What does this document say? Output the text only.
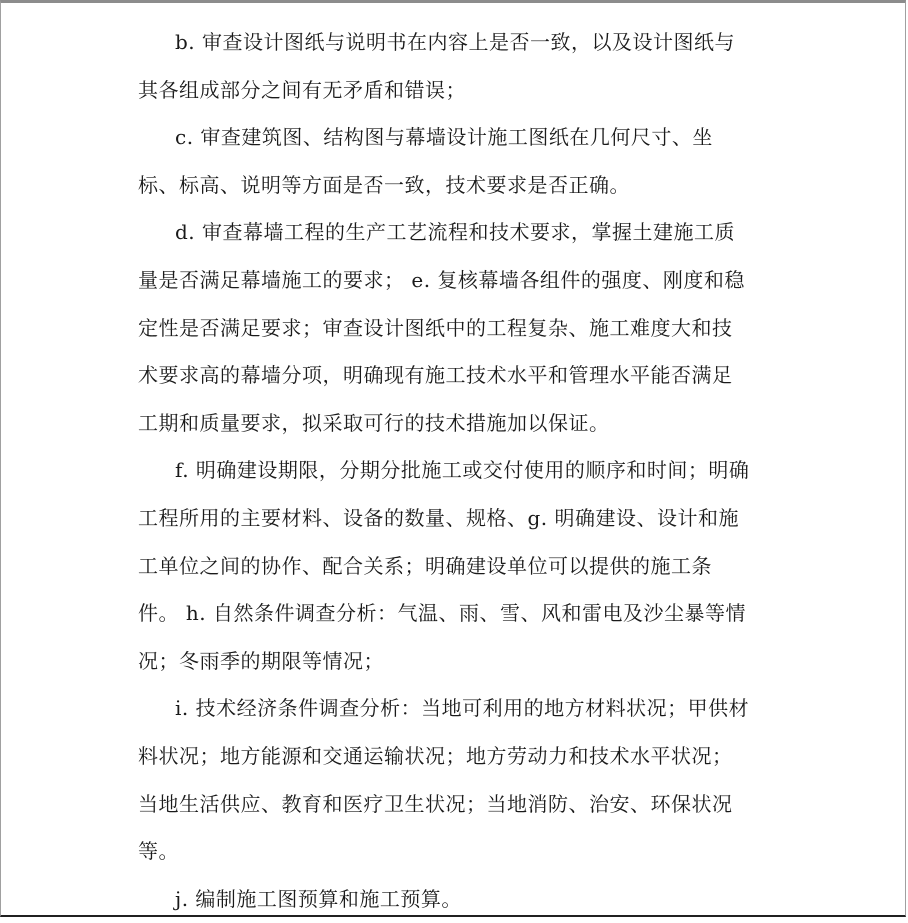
b. 审查设计图纸与说明书在内容上是否一致，以及设计图纸与
其各组成部分之间有无矛盾和错误；
c. 审查建筑图、结构图与幕墙设计施工图纸在几何尺寸、坐
标、标高、说明等方面是否一致，技术要求是否正确。
d. 审查幕墙工程的生产工艺流程和技术要求，掌握土建施工质
量是否满足幕墙施工的要求； e. 复核幕墙各组件的强度、刚度和稳
定性是否满足要求；审查设计图纸中的工程复杂、施工难度大和技
术要求高的幕墙分项，明确现有施工技术水平和管理水平能否满足
工期和质量要求，拟采取可行的技术措施加以保证。
f. 明确建设期限，分期分批施工或交付使用的顺序和时间；明确
工程所用的主要材料、设备的数量、规格、g. 明确建设、设计和施
工单位之间的协作、配合关系；明确建设单位可以提供的施工条
件。 h. 自然条件调查分析：气温、雨、雪、风和雷电及沙尘暴等情
况；冬雨季的期限等情况；
i. 技术经济条件调查分析：当地可利用的地方材料状况；甲供材
料状况；地方能源和交通运输状况；地方劳动力和技术水平状况；
当地生活供应、教育和医疗卫生状况；当地消防、治安、环保状况
等。
j. 编制施工图预算和施工预算。
